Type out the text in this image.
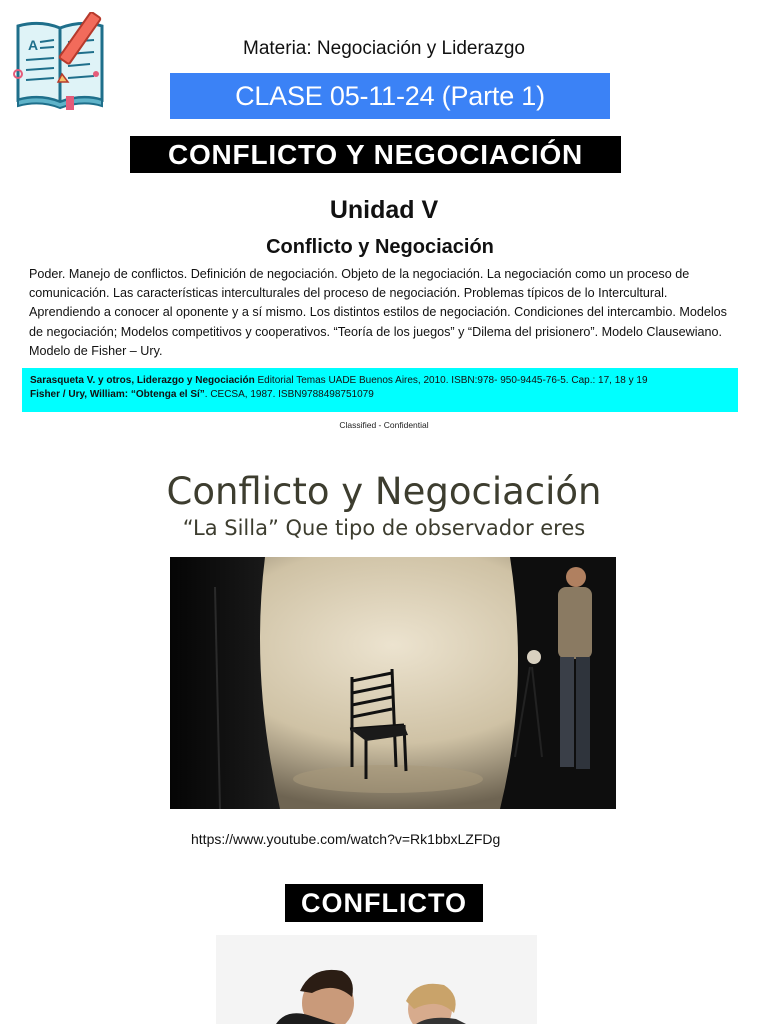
A	Materia: Negociación y Liderazgo
CLASE 05-11-24 (Parte 1)
CONFLICTO Y NEGOCIACIÓN
Unidad V
Conflicto y Negociación
Poder. Manejo de conflictos. Definición de negociación. Objeto de la negociación. La negociación como un proceso de comunicación. Las características interculturales del proceso de negociación. Problemas típicos de lo Intercultural. Aprendiendo a conocer al oponente y a sí mismo. Los distintos estilos de negociación. Condiciones del intercambio. Modelos de negociación; Modelos competitivos y cooperativos. “Teoría de los juegos” y “Dilema del prisionero”. Modelo Clausewiano. Modelo de Fisher – Ury.
Sarasqueta V. y otros, Liderazgo y Negociación Editorial Temas UADE Buenos Aires, 2010. ISBN:978- 950-9445-76-5. Cap.: 17, 18 y 19
Fisher / Ury, William: “Obtenga el Sí”. CECSA, 1987. ISBN9788498751079
Classified - Confidential
Conflicto y Negociación
“La Silla” Que tipo de observador eres
https://www.youtube.com/watch?v=Rk1bbxLZFDg
CONFLICTO
